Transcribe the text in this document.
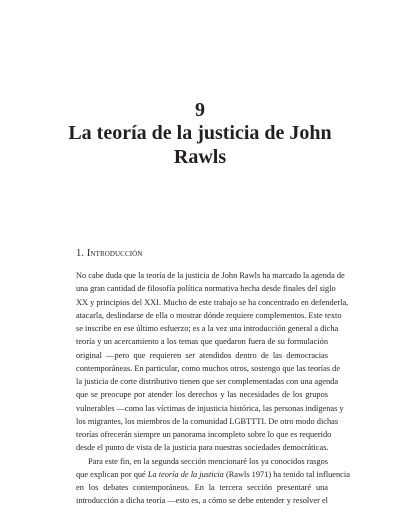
9
La teoría de la justicia de John Rawls
1. Introducción
No cabe duda que la teoría de la justicia de John Rawls ha marcado la agenda de
una gran cantidad de filosofía política normativa hecha desde finales del siglo
XX y principios del XXI. Mucho de este trabajo se ha concentrado en defenderla,
atacarla, deslindarse de ella o mostrar dónde requiere complementos. Este texto
se inscribe en ese último esfuerzo; es a la vez una introducción general a dicha
teoría y un acercamiento a los temas que quedaron fuera de su formulación
original —pero que requieren ser atendidos dentro de las democracias
contemporáneas. En particular, como muchos otros, sostengo que las teorías de
la justicia de corte distributivo tienen que ser complementadas con una agenda
que se preocupe por atender los derechos y las necesidades de los grupos
vulnerables —como las víctimas de injusticia histórica, las personas indígenas y
los migrantes, los miembros de la comunidad LGBTTTI. De otro modo dichas
teorías ofrecerán siempre un panorama incompleto sobre lo que es requerido
desde el punto de vista de la justicia para nuestras sociedades democráticas.
Para este fin, en la segunda sección mencionaré los ya conocidos rasgos
que explican por qué La teoría de la justicia (Rawls 1971) ha tenido tal influencia
en los debates contemporáneos. En la tercera sección presentaré una
introducción a dicha teoría —esto es, a cómo se debe entender y resolver el
